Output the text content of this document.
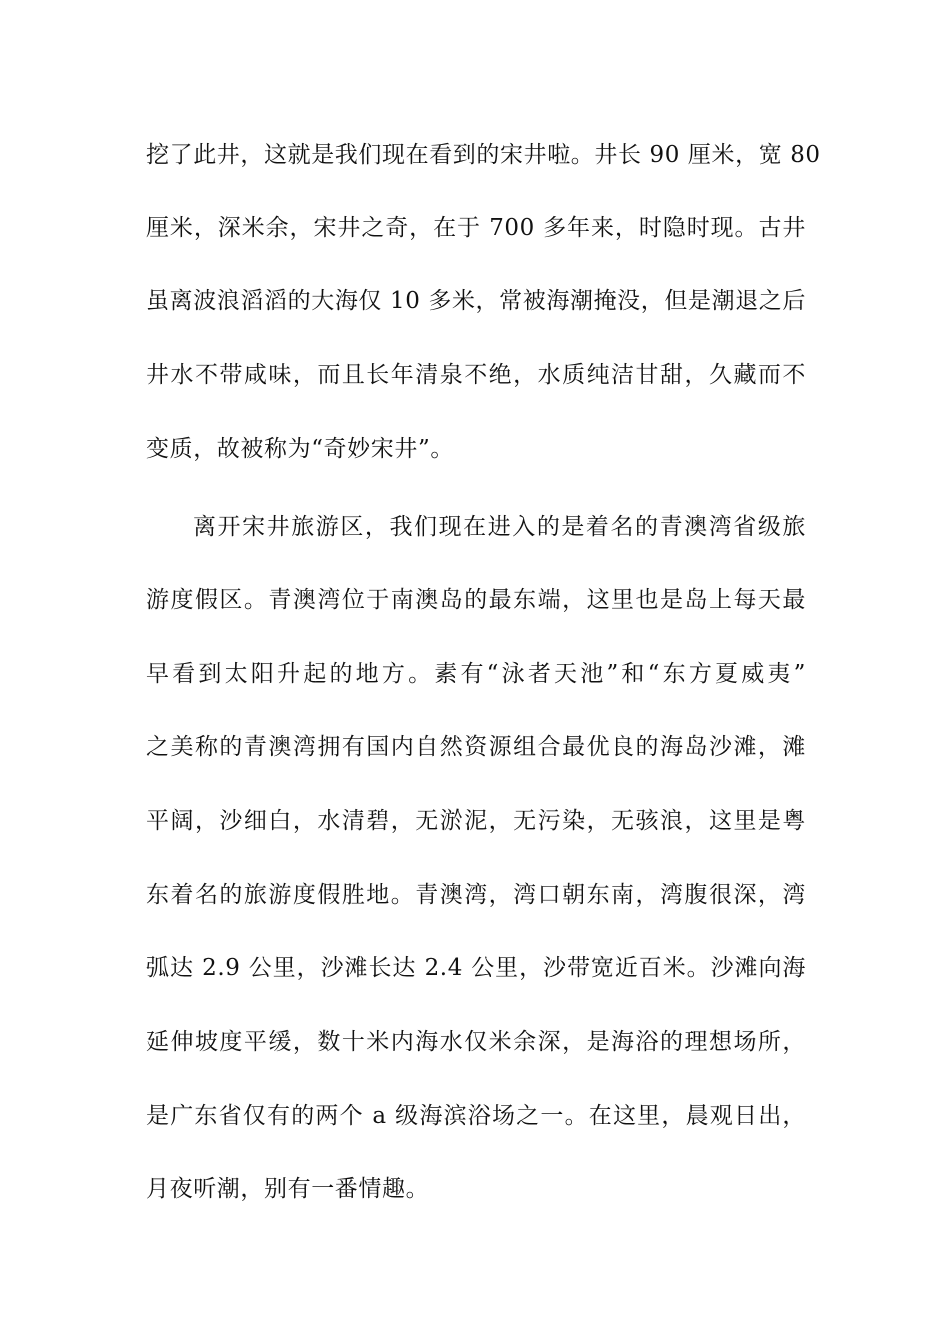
挖了此井，这就是我们现在看到的宋井啦。井长 90 厘米，宽 80
厘米，深米余，宋井之奇，在于 700 多年来，时隐时现。古井
虽离波浪滔滔的大海仅 10 多米，常被海潮掩没，但是潮退之后
井水不带咸味，而且长年清泉不绝，水质纯洁甘甜，久藏而不
变质，故被称为“奇妙宋井”。
离开宋井旅游区，我们现在进入的是着名的青澳湾省级旅
游度假区。青澳湾位于南澳岛的最东端，这里也是岛上每天最
早看到太阳升起的地方。素有“泳者天池”和“东方夏威夷”
之美称的青澳湾拥有国内自然资源组合最优良的海岛沙滩，滩
平阔，沙细白，水清碧，无淤泥，无污染，无骇浪，这里是粤
东着名的旅游度假胜地。青澳湾，湾口朝东南，湾腹很深，湾
弧达 2.9 公里，沙滩长达 2.4 公里，沙带宽近百米。沙滩向海
延伸坡度平缓，数十米内海水仅米余深，是海浴的理想场所，
是广东省仅有的两个 a 级海滨浴场之一。在这里，晨观日出，
月夜听潮，别有一番情趣。
